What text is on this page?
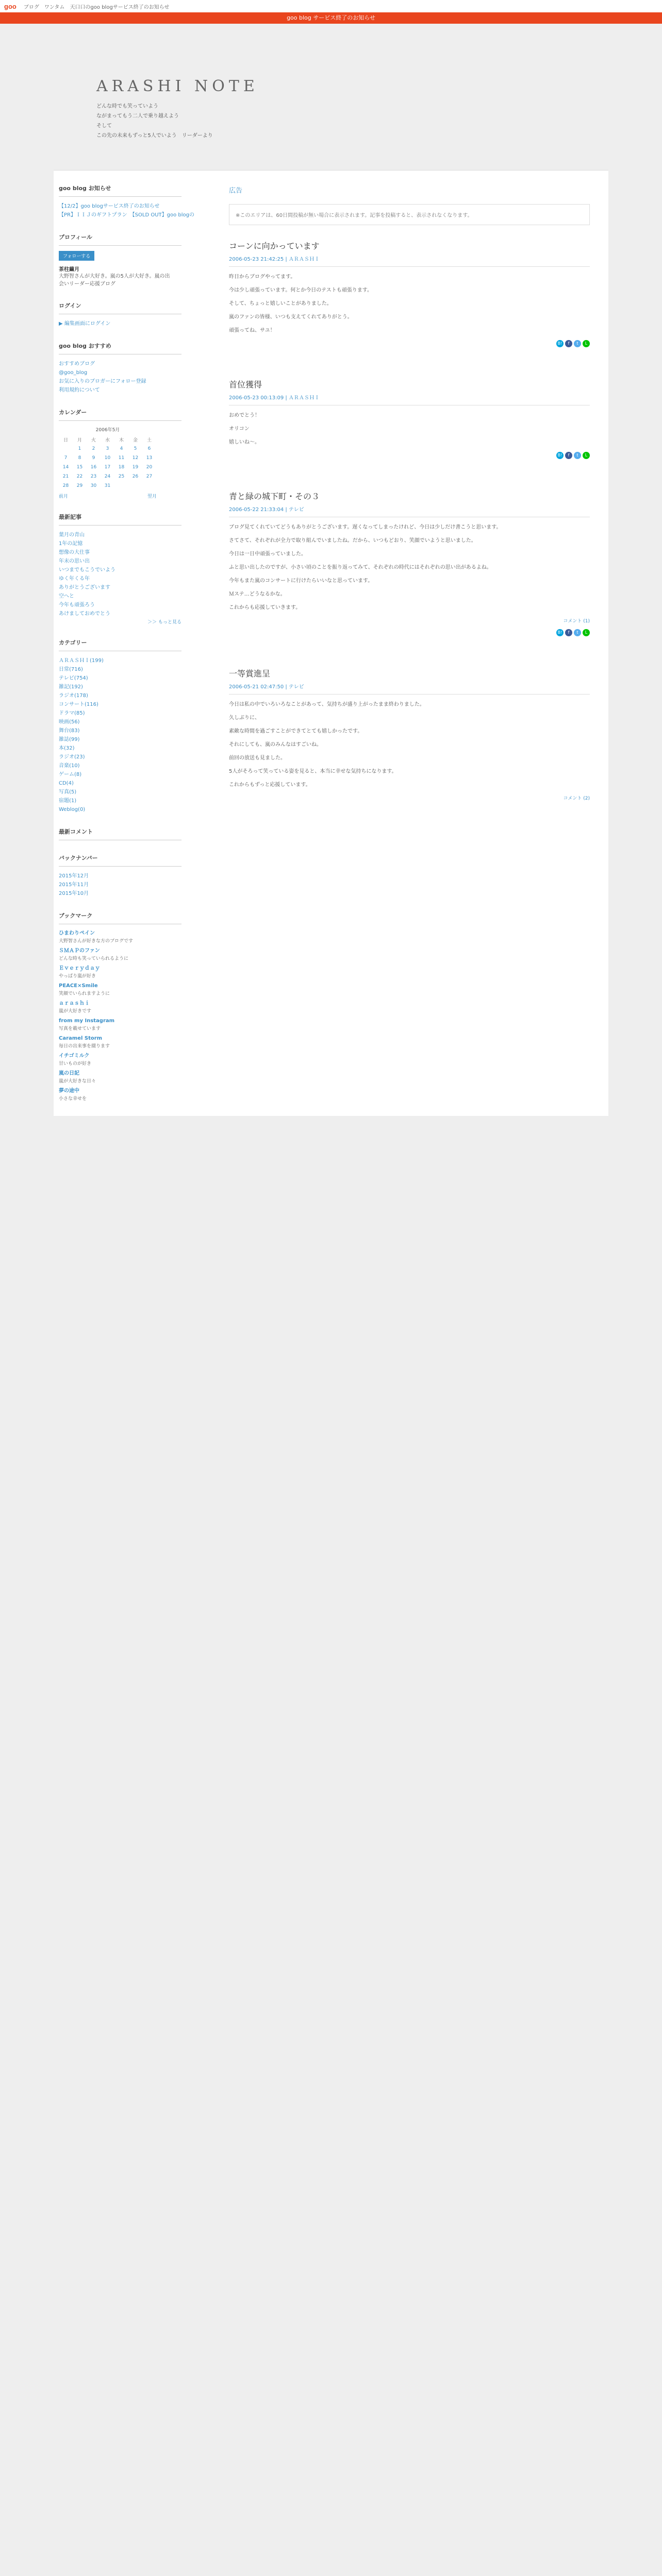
goo ブログ ワンタム 天口口のgoo blogサービス終了のお知らせ
goo blog サービス終了のお知らせ
ARASHI NOTE
どんな時でも笑っていよう
ながまってもう二人で乗り越えよう
そして
この先の未来もずっと5人でいよう　リーダーより
goo blog お知らせ
【12/2】goo blogサービス終了のお知らせ
【PR】ＩＩＪのギフトプラン　【SOLD OUT】goo blogの
プロフィール
フォローする
茶柱繭月
大野智さんが大好き。嵐の5人が大好き。嵐の出会いリーダー応援ブログ
ログイン
▶ 編集画面にログイン
goo blog おすすめ
おすすめブログ
@goo_blog
お気に入りのブロガーにフォロー登録
利用規約について
カレンダー
2006年5月
日	月	火	水	木	金	土
	1	2	3	4	5	6
7	8	9	10	11	12	13
14	15	16	17	18	19	20
21	22	23	24	25	26	27
28	29	30	31			
前月	翌月
最新記事
葉月の青山
1年の記憶
想像の大仕事
年末の思い出
いつまでもこうでいよう
ゆく年くる年
ありがとうございます
空へと
今年も頑張ろう
あけましておめでとう
＞＞ もっと見る
カテゴリー
ＡＲＡＳＨＩ(199)
日常(716)
テレビ(754)
雑記(192)
ラジオ(178)
コンサート(116)
ドラマ(85)
映画(56)
舞台(83)
雑誌(99)
本(32)
ラジオ(23)
音楽(10)
ゲーム(8)
CD(4)
写真(5)
宿題(1)
Weblog(0)
最新コメント
バックナンバー
2015年12月
2015年11月
2015年10月
ブックマーク
ひまわりペイン
大野智さんが好きな方のブログです
ＳＭＡＰのファン
どんな時も笑っていられるように
Ｅｖｅｒｙｄａｙ
やっぱり嵐が好き
PEACE×Smile
笑顔でいられますように
ａｒａｓｈｉ
嵐が大好きです
from my Instagram
写真を載せています
Caramel Storm
毎日の出来事を綴ります
イチゴミルク
甘いものが好き
嵐の日記
嵐が大好きな日々
夢の途中
小さな幸せを
広告
※このエリアは、60日間投稿が無い場合に表示されます。記事を投稿すると、表示されなくなります。
コーンに向かっています
2006-05-23 21:42:25 | ＡＲＡＳＨＩ

昨日からブログやってます。

今は少し頑張っています。何とか今日のテストも頑張ります。

そして、ちょっと嬉しいことがありました。

嵐のファンの皆様、いつも支えてくれてありがとう。

頑張ってね、サユ！

B!	f	t	L
首位獲得
2006-05-23 00:13:09 | ＡＲＡＳＨＩ

おめでとう！

オリコン

嬉しいね～。

B!	f	t	L
青と緑の城下町・その３
2006-05-22 21:33:04 | テレビ

ブログ見てくれていてどうもありがとうございます。遅くなってしまったけれど、今日は少しだけ書こうと思います。

さてさて、それぞれが全力で取り組んでいましたね。だから、いつもどおり、笑顔でいようと思いました。

今日は一日中頑張っていました。

ふと思い出したのですが、小さい頃のことを振り返ってみて、それぞれの時代にはそれぞれの思い出があるよね。

今年もまた嵐のコンサートに行けたらいいなと思っています。

Ｍステ…どうなるかな。

これからも応援していきます。

コメント (1)
B!	f	t	L
一等賞進呈
2006-05-21 02:47:50 | テレビ

今日は私の中でいろいろなことがあって、気持ちが盛り上がったまま終わりました。

久しぶりに、

素敵な時間を過ごすことができてとても嬉しかったです。

それにしても、嵐のみんなはすごいね。

前回の放送も見ました。

5人がそろって笑っている姿を見ると、本当に幸せな気持ちになります。

これからもずっと応援しています。

コメント (2)
